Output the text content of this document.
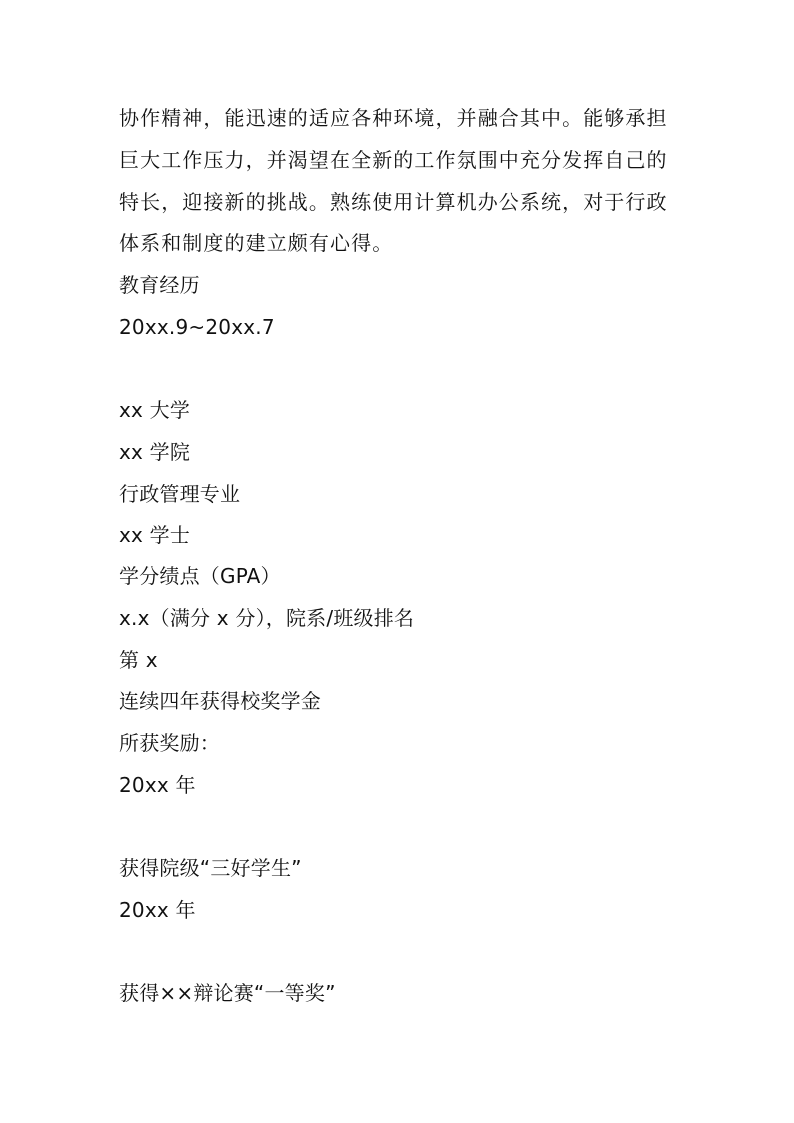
协作精神，能迅速的适应各种环境，并融合其中。能够承担
巨大工作压力，并渴望在全新的工作氛围中充分发挥自己的
特长，迎接新的挑战。熟练使用计算机办公系统，对于行政
体系和制度的建立颇有心得。
教育经历
20xx.9~20xx.7
xx 大学
xx 学院
行政管理专业
xx 学士
学分绩点（GPA）
x.x（满分 x 分），院系/班级排名
第 x
连续四年获得校奖学金
所获奖励：
20xx 年
获得院级“三好学生”
20xx 年
获得××辩论赛“一等奖”
